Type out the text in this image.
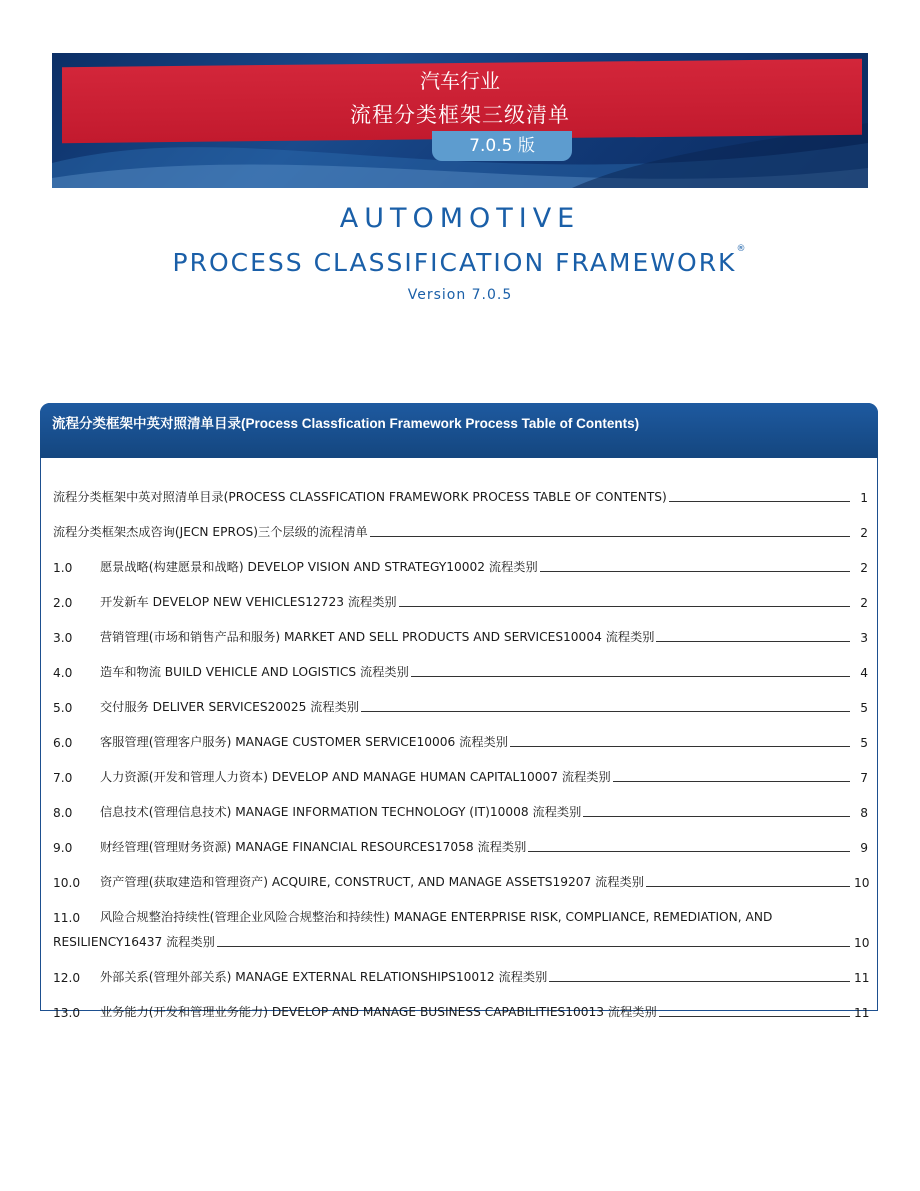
汽车行业
流程分类框架三级清单
7.0.5 版
AUTOMOTIVE
PROCESS CLASSIFICATION FRAMEWORK®
Version 7.0.5
流程分类框架中英对照清单目录(Process Classfication Framework Process Table of Contents)
流程分类框架中英对照清单目录(PROCESS CLASSFICATION FRAMEWORK PROCESS TABLE OF CONTENTS)	1
流程分类框架杰成咨询(JECN EPROS)三个层级的流程清单	2
1.0	愿景战略(构建愿景和战略) DEVELOP VISION AND STRATEGY10002 流程类别	2
2.0	开发新车 DEVELOP NEW VEHICLES12723 流程类别	2
3.0	营销管理(市场和销售产品和服务) MARKET AND SELL PRODUCTS AND SERVICES10004 流程类别	3
4.0	造车和物流 BUILD VEHICLE AND LOGISTICS 流程类别	4
5.0	交付服务 DELIVER SERVICES20025 流程类别	5
6.0	客服管理(管理客户服务) MANAGE CUSTOMER SERVICE10006 流程类别	5
7.0	人力资源(开发和管理人力资本) DEVELOP AND MANAGE HUMAN CAPITAL10007 流程类别	7
8.0	信息技术(管理信息技术) MANAGE INFORMATION TECHNOLOGY (IT)10008 流程类别	8
9.0	财经管理(管理财务资源) MANAGE FINANCIAL RESOURCES17058 流程类别	9
10.0	资产管理(获取建造和管理资产) ACQUIRE, CONSTRUCT, AND MANAGE ASSETS19207 流程类别	10
11.0	风险合规整治持续性(管理企业风险合规整治和持续性) MANAGE ENTERPRISE RISK, COMPLIANCE, REMEDIATION, AND
RESILIENCY16437 流程类别	10
12.0	外部关系(管理外部关系) MANAGE EXTERNAL RELATIONSHIPS10012 流程类别	11
13.0	业务能力(开发和管理业务能力) DEVELOP AND MANAGE BUSINESS CAPABILITIES10013 流程类别	11
